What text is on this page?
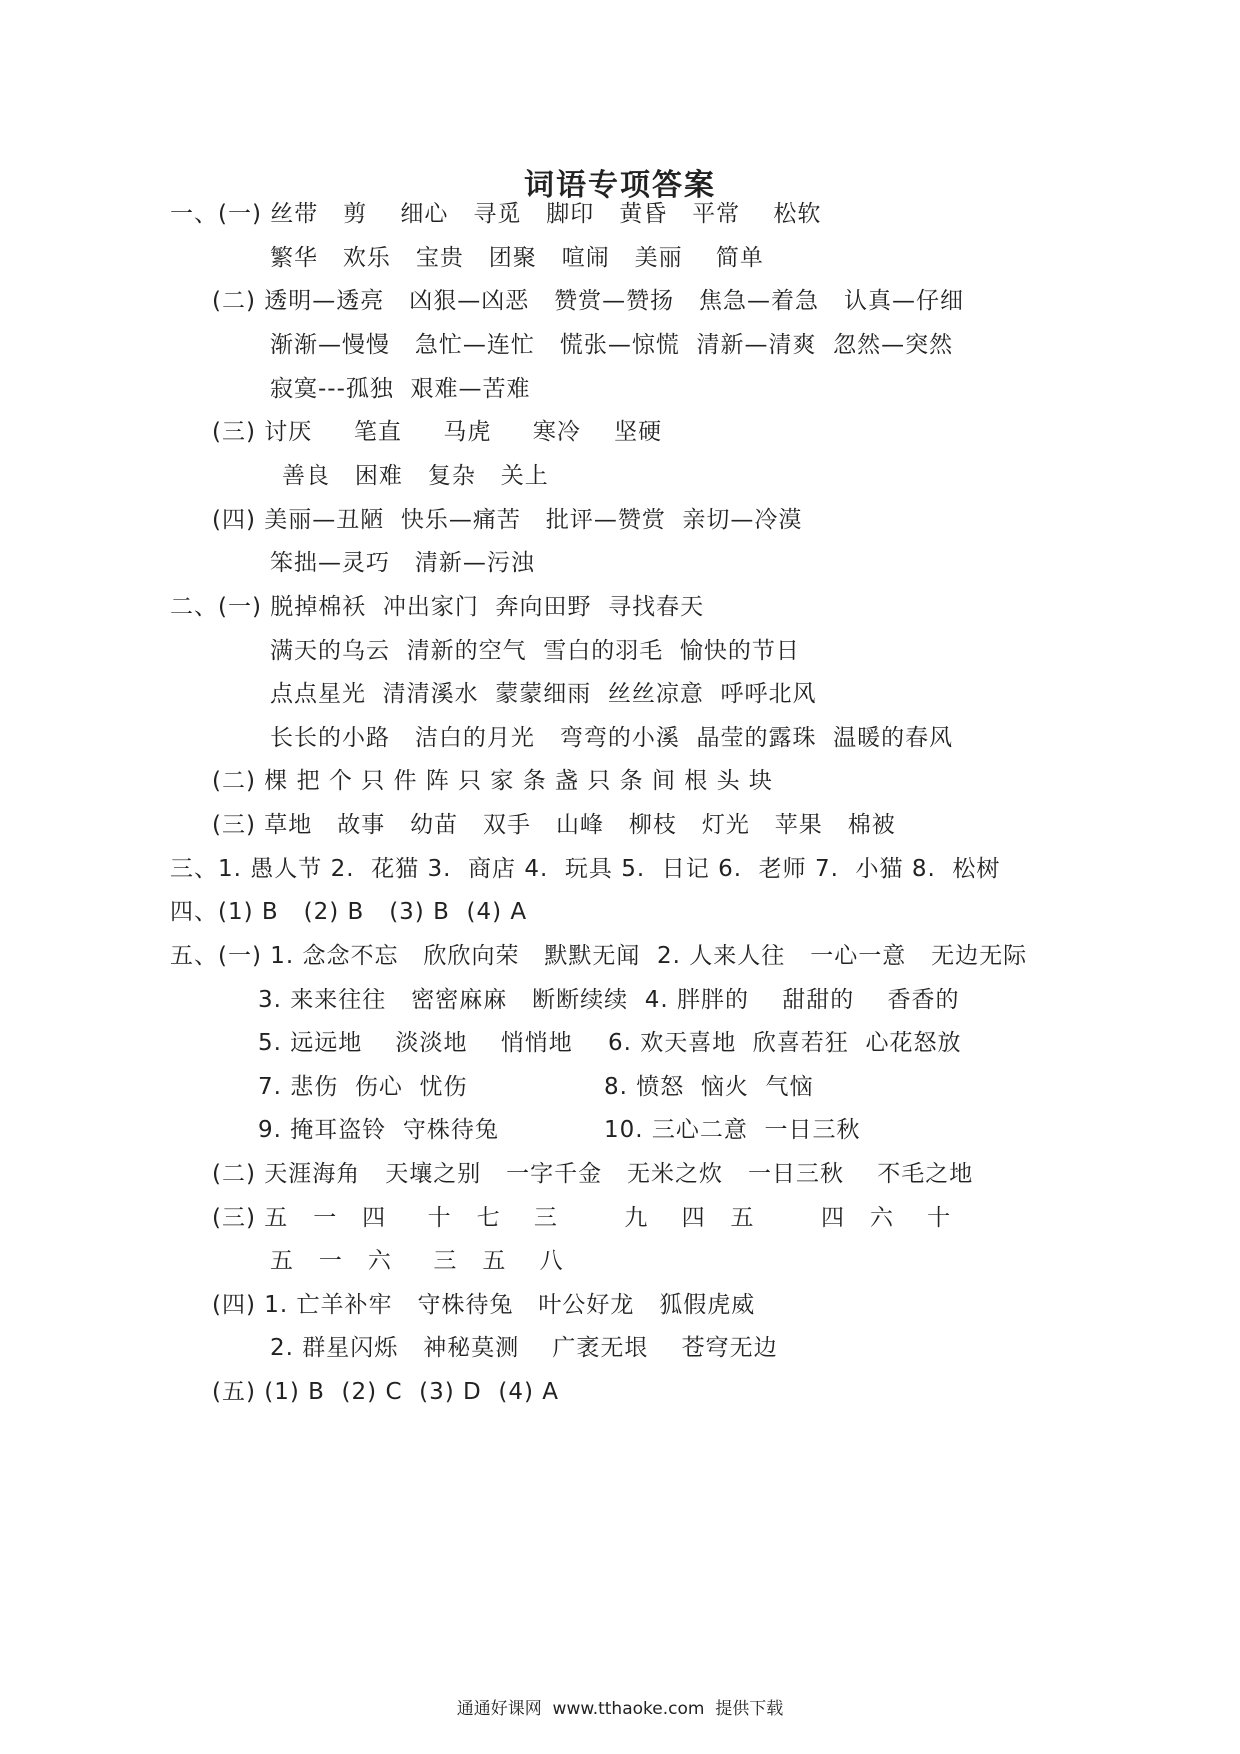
词语专项答案
一、(一) 丝带   剪    细心   寻觅   脚印   黄昏   平常    松软
繁华   欢乐   宝贵   团聚   喧闹   美丽    简单
(二) 透明—透亮   凶狠—凶恶   赞赏—赞扬   焦急—着急   认真—仔细
渐渐—慢慢   急忙—连忙   慌张—惊慌  清新—清爽  忽然—突然
寂寞---孤独  艰难—苦难
(三) 讨厌     笔直     马虎     寒冷    坚硬
善良   困难   复杂   关上
(四) 美丽—丑陋  快乐—痛苦   批评—赞赏  亲切—冷漠
笨拙—灵巧   清新—污浊
二、(一) 脱掉棉袄  冲出家门  奔向田野  寻找春天
满天的乌云  清新的空气  雪白的羽毛  愉快的节日
点点星光  清清溪水  蒙蒙细雨  丝丝凉意  呼呼北风
长长的小路   洁白的月光   弯弯的小溪  晶莹的露珠  温暖的春风
(二) 棵 把 个 只 件 阵 只 家 条 盏 只 条 间 根 头 块
(三) 草地   故事   幼苗   双手   山峰   柳枝   灯光   苹果   棉被
三、1. 愚人节 2.  花猫 3.  商店 4.  玩具 5.  日记 6.  老师 7.  小猫 8.  松树
四、(1) B   (2) B   (3) B  (4) A
五、(一) 1. 念念不忘   欣欣向荣   默默无闻  2. 人来人往   一心一意   无边无际
3. 来来往往   密密麻麻   断断续续  4. 胖胖的    甜甜的    香香的
5. 远远地    淡淡地    悄悄地 6. 欢天喜地  欣喜若狂  心花怒放
7. 悲伤  伤心  忧伤	8. 愤怒  恼火  气恼
9. 掩耳盗铃  守株待兔	10. 三心二意  一日三秋
(二) 天涯海角   天壤之别   一字千金   无米之炊   一日三秋    不毛之地
(三) 五   一   四     十   七    三        九    四   五        四   六    十
五   一   六     三   五    八
(四) 1. 亡羊补牢   守株待兔   叶公好龙   狐假虎威
2. 群星闪烁   神秘莫测    广袤无垠    苍穹无边
(五) (1) B  (2) C  (3) D  (4) A
通通好课网  www.tthaoke.com  提供下载
